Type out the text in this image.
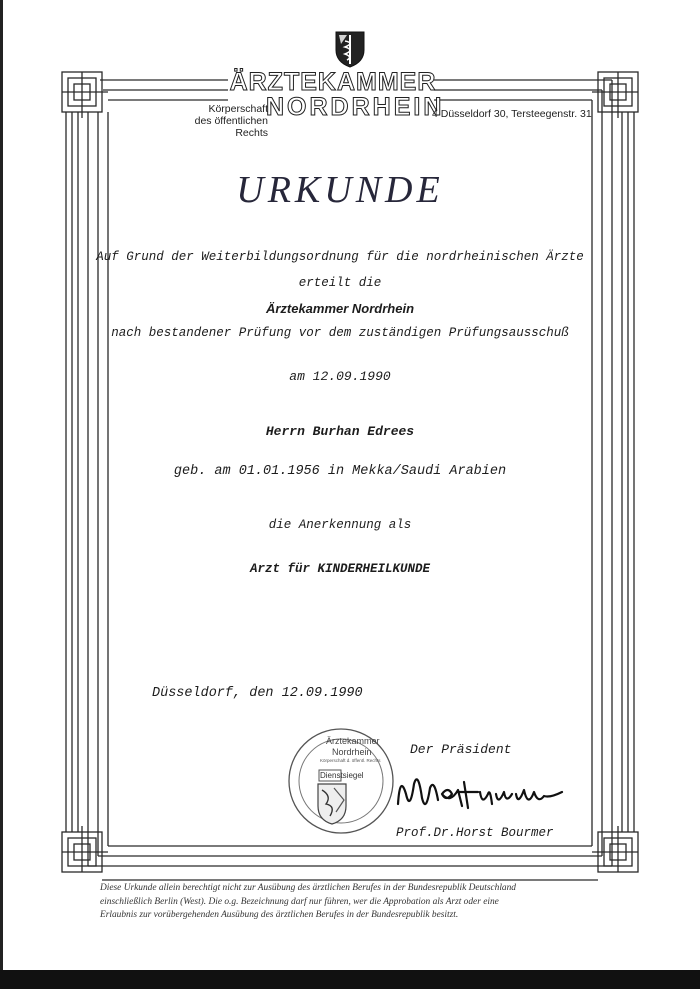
ÄRZTEKAMMER
NORDRHEIN
Körperschaft
des öffentlichen Rechts
4 Düsseldorf 30, Tersteegenstr. 31
URKUNDE
Auf Grund der Weiterbildungsordnung für die nordrheinischen Ärzte
erteilt die
Ärztekammer Nordrhein
nach bestandener Prüfung vor dem zuständigen Prüfungsausschuß
am 12.09.1990
Herrn Burhan Edrees
geb. am 01.01.1956 in Mekka/Saudi Arabien
die Anerkennung als
Arzt für KINDERHEILKUNDE
Düsseldorf, den 12.09.1990
Ärztekammer
Nordrhein
Körperschaft d. öffentl. Rechts
Dienstsiegel
Der Präsident
Prof.Dr.Horst Bourmer
Diese Urkunde allein berechtigt nicht zur Ausübung des ärztlichen Berufes in der Bundesrepublik Deutschland
einschließlich Berlin (West). Die o.g. Bezeichnung darf nur führen, wer die Approbation als Arzt oder eine
Erlaubnis zur vorübergehenden Ausübung des ärztlichen Berufes in der Bundesrepublik besitzt.
